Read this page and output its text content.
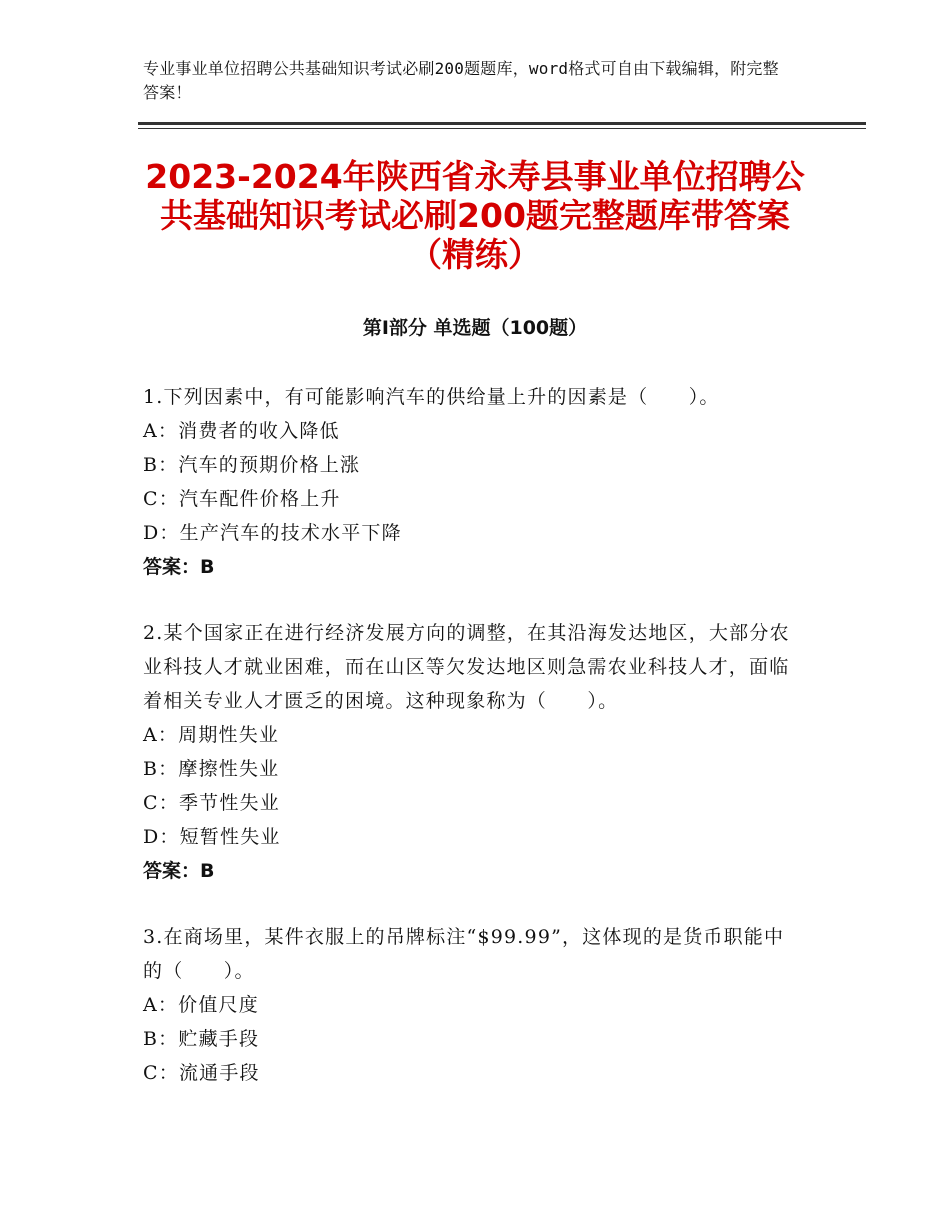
专业事业单位招聘公共基础知识考试必刷200题题库，word格式可自由下载编辑，附完整答案！
2023-2024年陕西省永寿县事业单位招聘公共基础知识考试必刷200题完整题库带答案（精练）
第Ⅰ部分 单选题（100题）

1.下列因素中，有可能影响汽车的供给量上升的因素是（　　）。

A：消费者的收入降低

B：汽车的预期价格上涨

C：汽车配件价格上升

D：生产汽车的技术水平下降

答案：B

2.某个国家正在进行经济发展方向的调整，在其沿海发达地区，大部分农业科技人才就业困难，而在山区等欠发达地区则急需农业科技人才，面临着相关专业人才匮乏的困境。这种现象称为（　　）。

A：周期性失业

B：摩擦性失业

C：季节性失业

D：短暂性失业

答案：B

3.在商场里，某件衣服上的吊牌标注“$99.99”，这体现的是货币职能中的（　　）。

A：价值尺度

B：贮藏手段

C：流通手段
